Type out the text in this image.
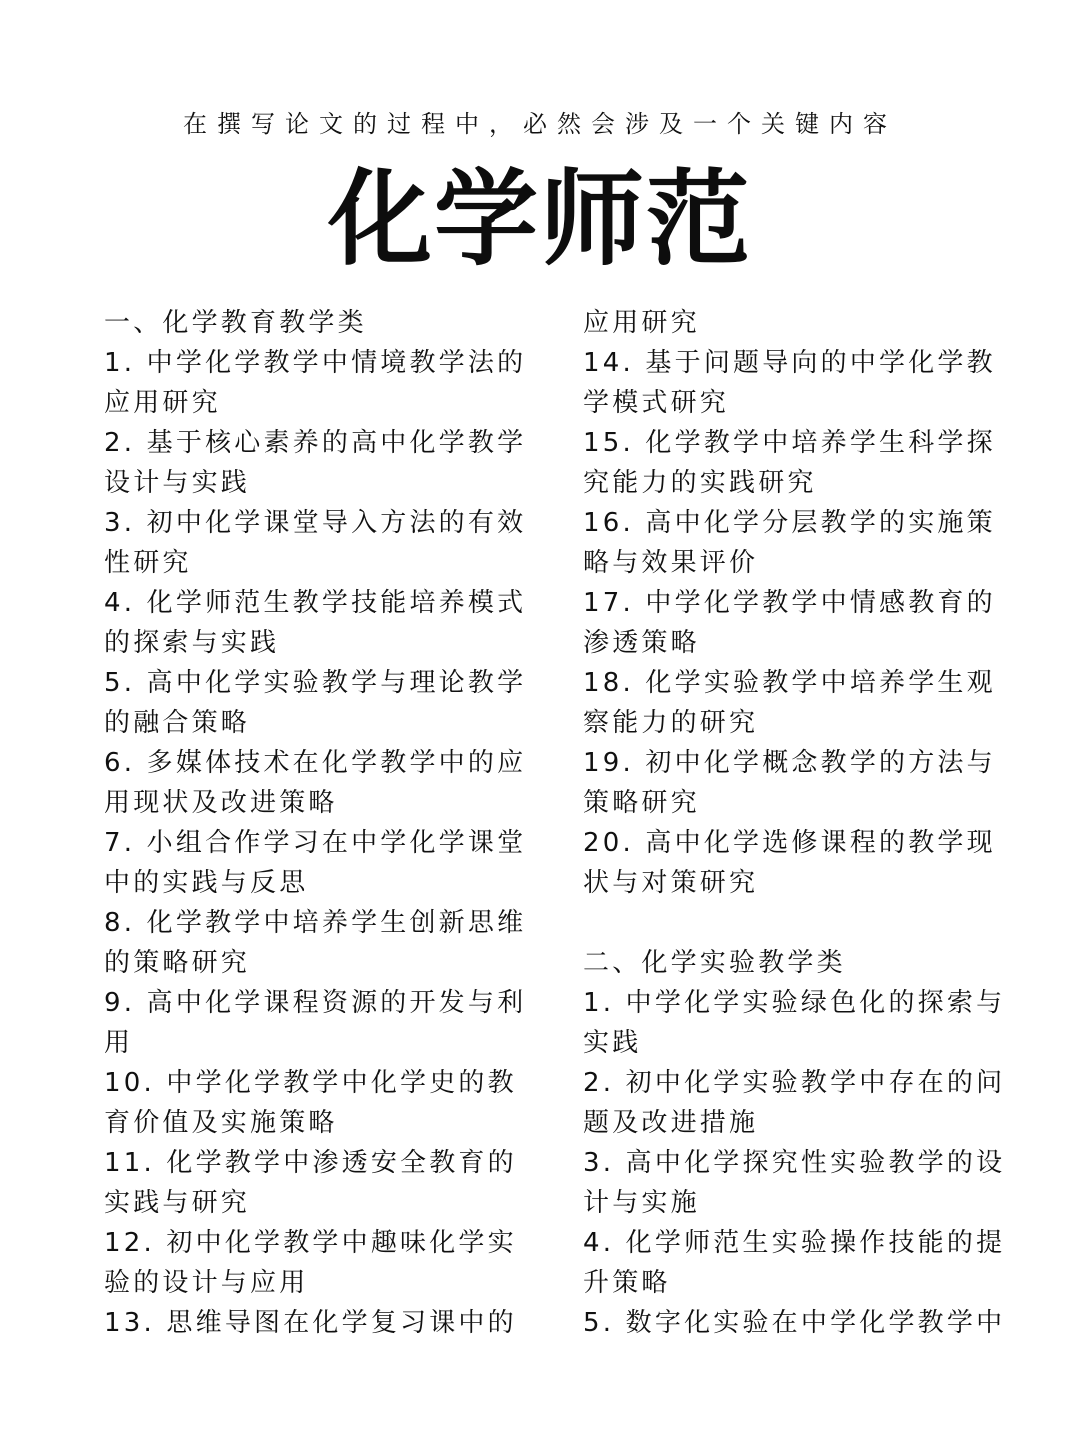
在撰写论文的过程中，必然会涉及一个关键内容
化学师范
一、化学教育教学类
1. 中学化学教学中情境教学法的
应用研究
2. 基于核心素养的高中化学教学
设计与实践
3. 初中化学课堂导入方法的有效
性研究
4. 化学师范生教学技能培养模式
的探索与实践
5. 高中化学实验教学与理论教学
的融合策略
6. 多媒体技术在化学教学中的应
用现状及改进策略
7. 小组合作学习在中学化学课堂
中的实践与反思
8. 化学教学中培养学生创新思维
的策略研究
9. 高中化学课程资源的开发与利
用
10. 中学化学教学中化学史的教
育价值及实施策略
11. 化学教学中渗透安全教育的
实践与研究
12. 初中化学教学中趣味化学实
验的设计与应用
13. 思维导图在化学复习课中的
应用研究
14. 基于问题导向的中学化学教
学模式研究
15. 化学教学中培养学生科学探
究能力的实践研究
16. 高中化学分层教学的实施策
略与效果评价
17. 中学化学教学中情感教育的
渗透策略
18. 化学实验教学中培养学生观
察能力的研究
19. 初中化学概念教学的方法与
策略研究
20. 高中化学选修课程的教学现
状与对策研究
二、化学实验教学类
1. 中学化学实验绿色化的探索与
实践
2. 初中化学实验教学中存在的问
题及改进措施
3. 高中化学探究性实验教学的设
计与实施
4. 化学师范生实验操作技能的提
升策略
5. 数字化实验在中学化学教学中
